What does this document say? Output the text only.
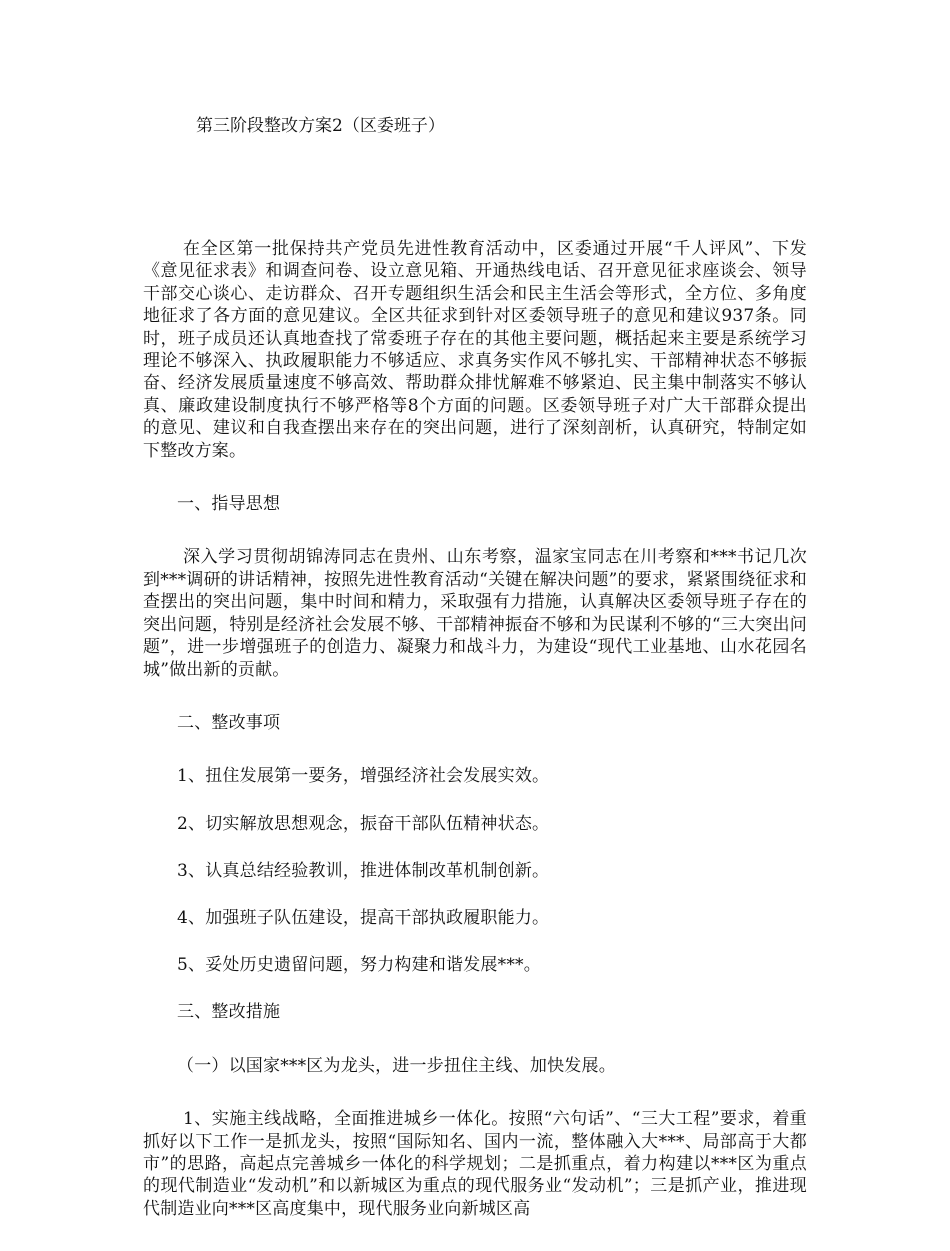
第三阶段整改方案2（区委班子）

在全区第一批保持共产党员先进性教育活动中，区委通过开展“千人评风”、下发《意见征求表》和调查问卷、设立意见箱、开通热线电话、召开意见征求座谈会、领导干部交心谈心、走访群众、召开专题组织生活会和民主生活会等形式，全方位、多角度地征求了各方面的意见建议。全区共征求到针对区委领导班子的意见和建议937条。同时，班子成员还认真地查找了常委班子存在的其他主要问题，概括起来主要是系统学习理论不够深入、执政履职能力不够适应、求真务实作风不够扎实、干部精神状态不够振奋、经济发展质量速度不够高效、帮助群众排忧解难不够紧迫、民主集中制落实不够认真、廉政建设制度执行不够严格等8个方面的问题。区委领导班子对广大干部群众提出的意见、建议和自我查摆出来存在的突出问题，进行了深刻剖析，认真研究，特制定如下整改方案。

一、指导思想

深入学习贯彻胡锦涛同志在贵州、山东考察，温家宝同志在川考察和***书记几次到***调研的讲话精神，按照先进性教育活动“关键在解决问题”的要求，紧紧围绕征求和查摆出的突出问题，集中时间和精力，采取强有力措施，认真解决区委领导班子存在的突出问题，特别是经济社会发展不够、干部精神振奋不够和为民谋利不够的“三大突出问题”，进一步增强班子的创造力、凝聚力和战斗力，为建设“现代工业基地、山水花园名城”做出新的贡献。

二、整改事项

1、扭住发展第一要务，增强经济社会发展实效。

2、切实解放思想观念，振奋干部队伍精神状态。

3、认真总结经验教训，推进体制改革机制创新。

4、加强班子队伍建设，提高干部执政履职能力。

5、妥处历史遗留问题，努力构建和谐发展***。

三、整改措施

（一）以国家***区为龙头，进一步扭住主线、加快发展。

1、实施主线战略，全面推进城乡一体化。按照“六句话”、“三大工程”要求，着重抓好以下工作一是抓龙头，按照“国际知名、国内一流，整体融入大***、局部高于大都市”的思路，高起点完善城乡一体化的科学规划；二是抓重点，着力构建以***区为重点的现代制造业“发动机”和以新城区为重点的现代服务业“发动机”；三是抓产业，推进现代制造业向***区高度集中，现代服务业向新城区高
